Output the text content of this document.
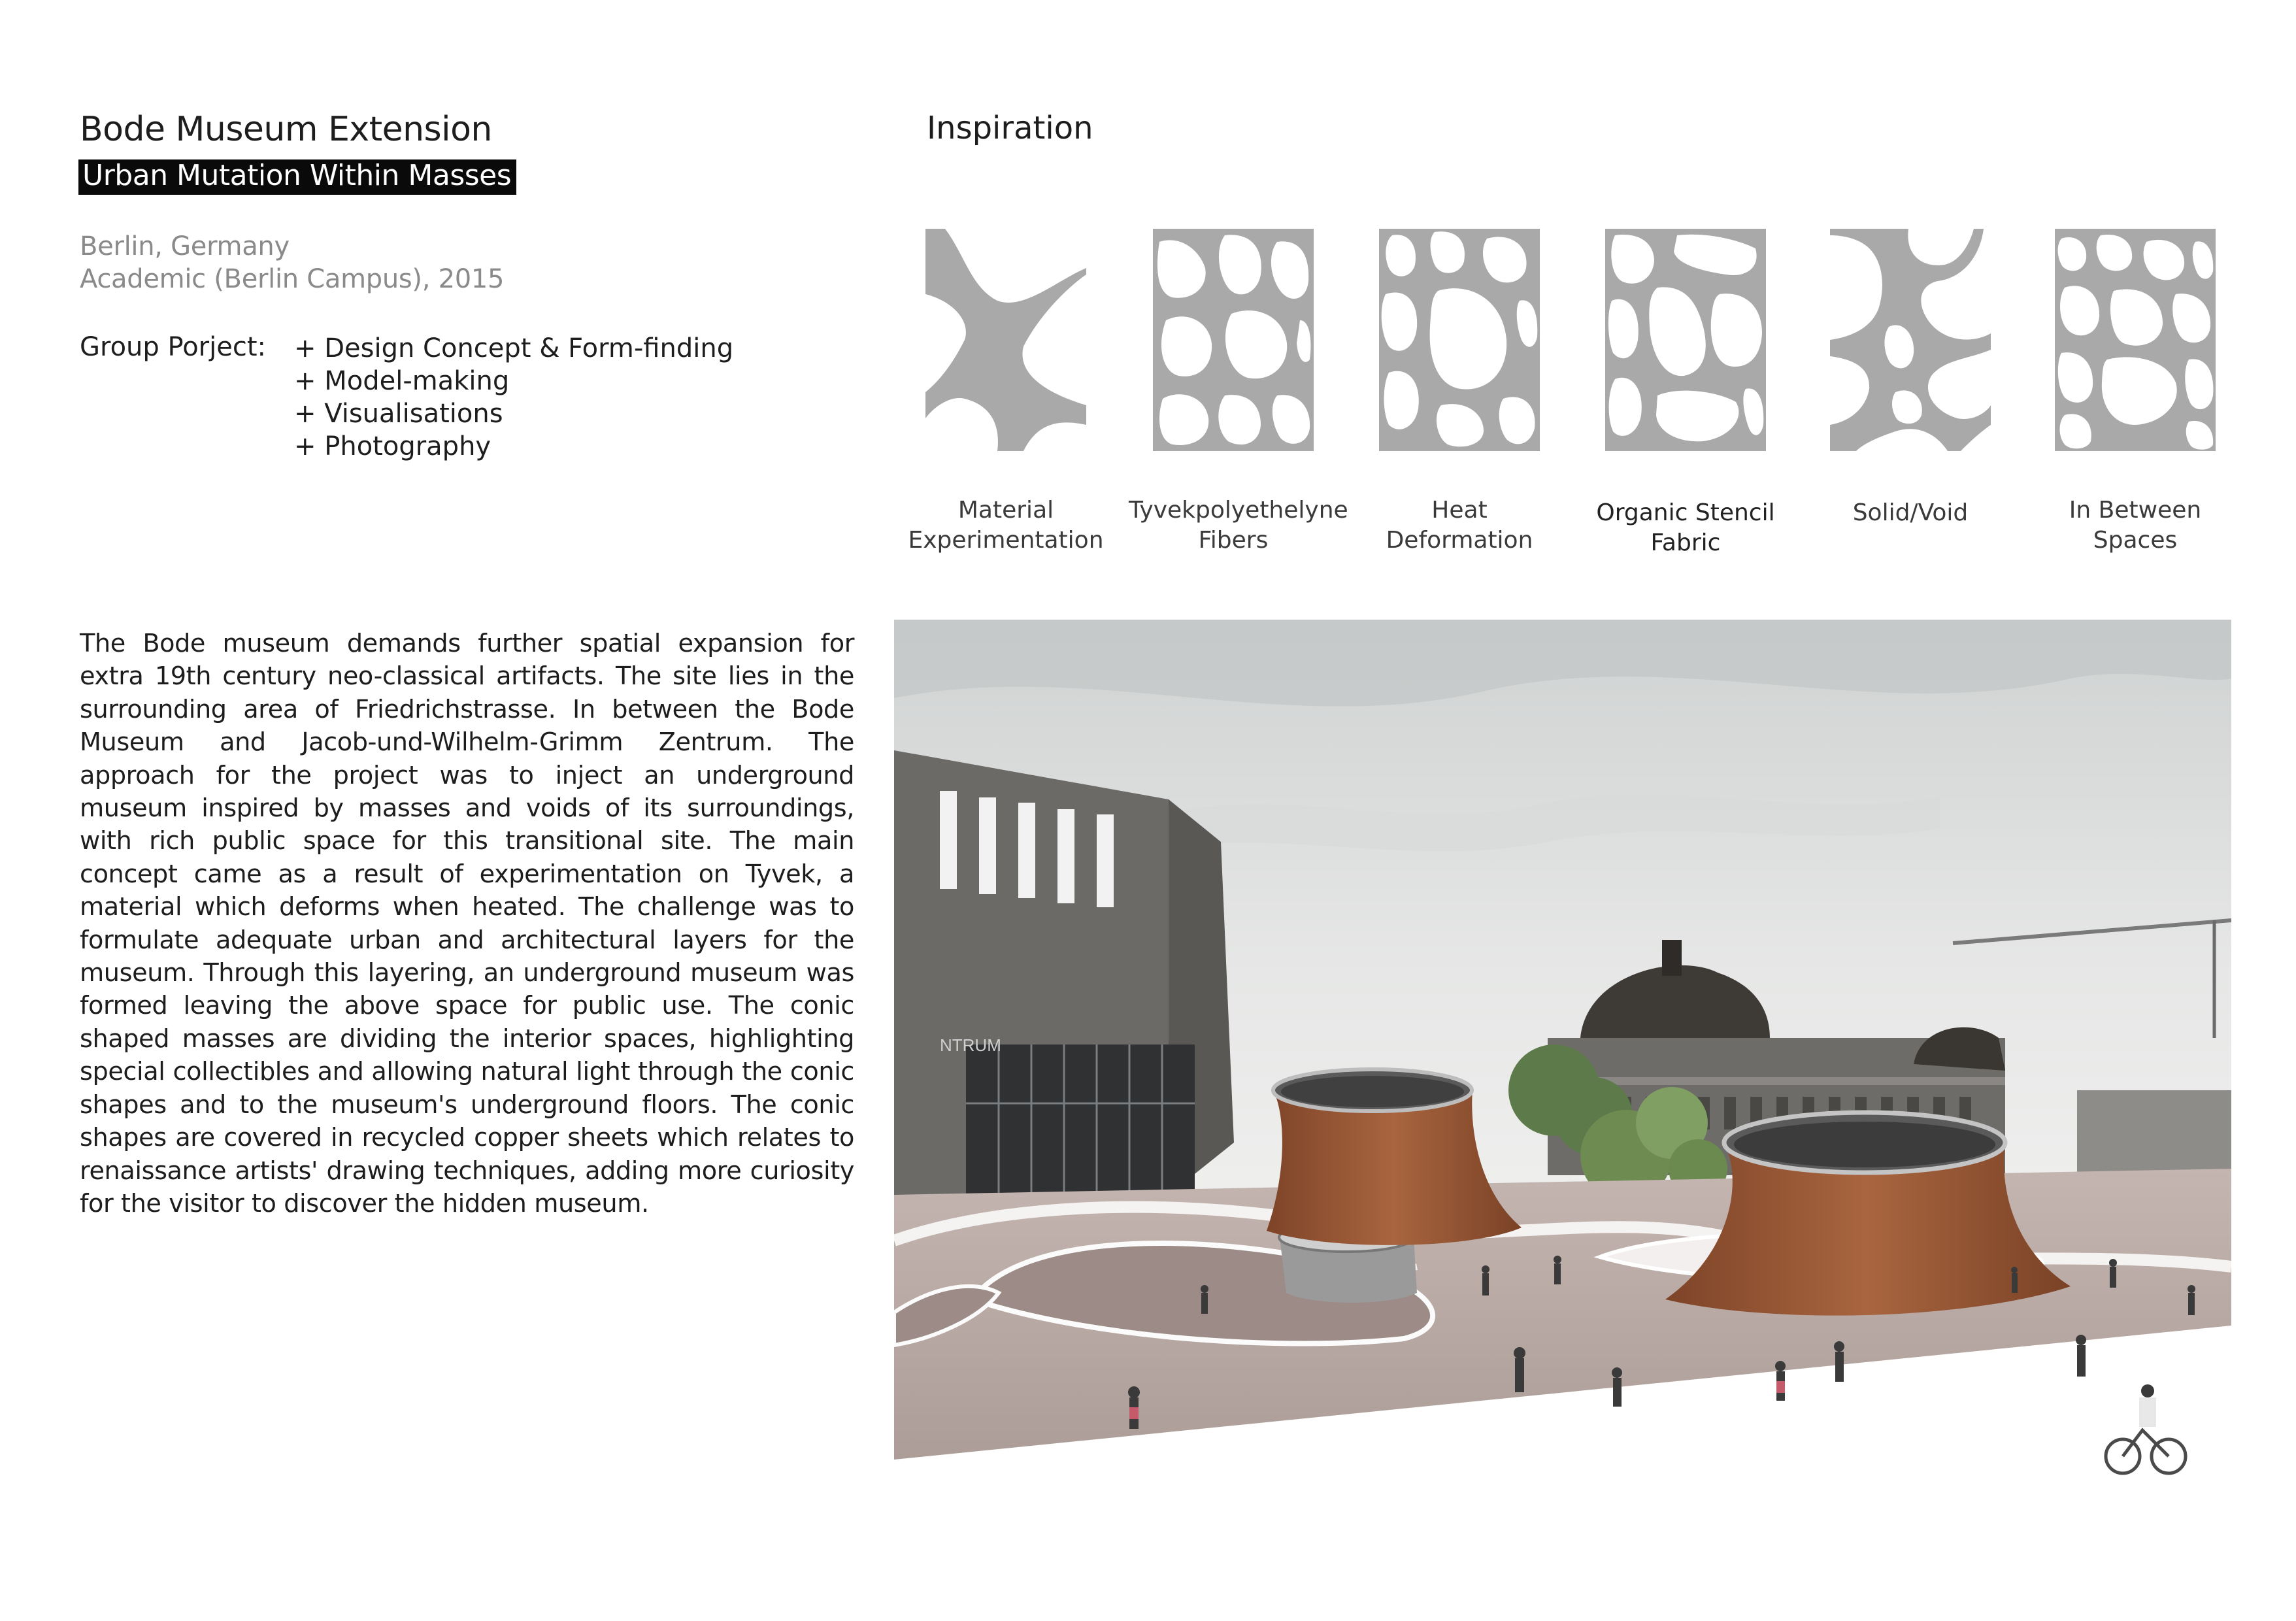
Bode Museum Extension
Urban Mutation Within Masses
Berlin, Germany
Academic (Berlin Campus), 2015
Group Porject: + Design Concept & Form-finding
+ Model-making
+ Visualisations
+ Photography
Inspiration
Material
Experimentation
Tyvekpolyethelyne
Fibers
Heat
Deformation
Organic Stencil
Fabric
Solid/Void	In Between
Spaces
The Bode museum demands further spatial expansion for extra 19th century neo-classical artifacts. The site lies in the surrounding area of Friedrichstrasse. In between the Bode Museum and Jacob-und-Wilhelm-Grimm Zentrum. The approach for the project was to inject an underground museum inspired by masses and voids of its surroundings, with rich public space for this transitional site. The main concept came as a result of experimentation on Tyvek, a material which deforms when heated. The challenge was to formulate adequate urban and architectural layers for the museum. Through this layering, an underground museum was formed leaving the above space for public use. The conic shaped masses are dividing the interior spaces, highlighting special collectibles and allowing natural light through the conic shapes and to the museum's underground floors. The conic shapes are covered in recycled copper sheets which relates to renaissance artists' drawing techniques, adding more curiosity for the visitor to discover the hidden museum.
NTRUM
